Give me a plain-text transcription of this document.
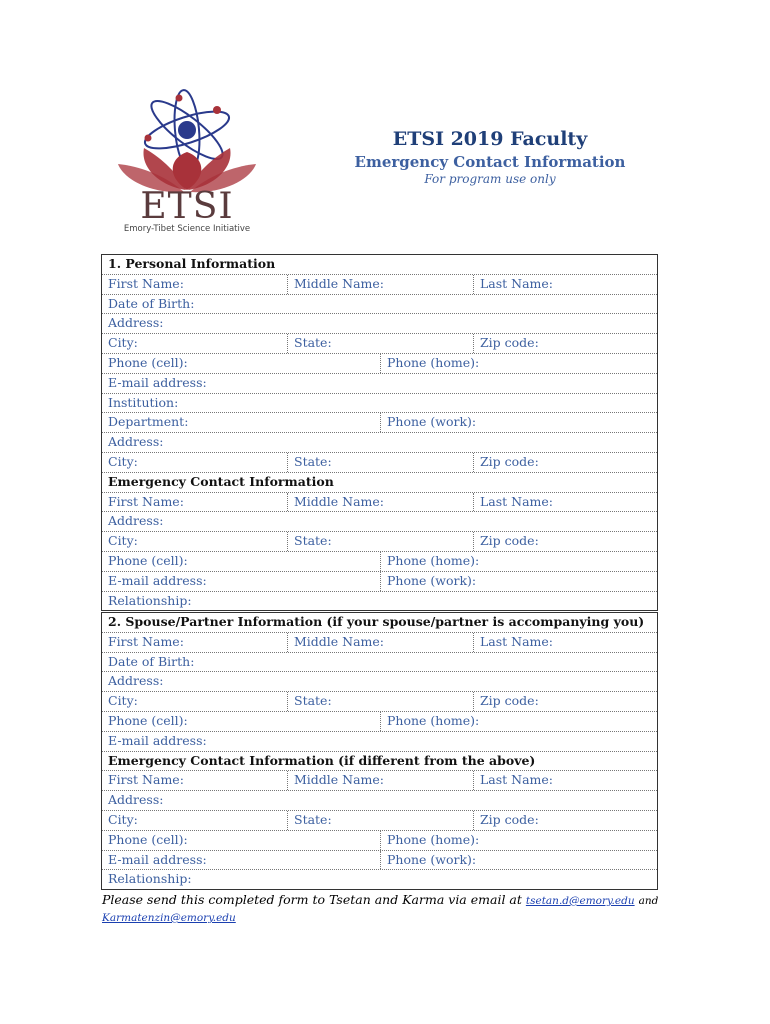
ETSI
Emory-Tibet Science Initiative
ETSI 2019 Faculty
Emergency Contact Information
For program use only
1. Personal Information
First Name:	Middle Name:	Last Name:
Date of Birth:
Address:
City:	State:	Zip code:
Phone (cell):	Phone (home):
E-mail address:
Institution:
Department:	Phone (work):
Address:
City:	State:	Zip code:
Emergency Contact Information
First Name:	Middle Name:	Last Name:
Address:
City:	State:	Zip code:
Phone (cell):	Phone (home):
E-mail address:	Phone (work):
Relationship:
2. Spouse/Partner Information (if your spouse/partner is accompanying you)
First Name:	Middle Name:	Last Name:
Date of Birth:
Address:
City:	State:	Zip code:
Phone (cell):	Phone (home):
E-mail address:
Emergency Contact Information (if different from the above)
First Name:	Middle Name:	Last Name:
Address:
City:	State:	Zip code:
Phone (cell):	Phone (home):
E-mail address:	Phone (work):
Relationship:
Please send this completed form to Tsetan and Karma via email at tsetan.d@emory.edu and
Karmatenzin@emory.edu
